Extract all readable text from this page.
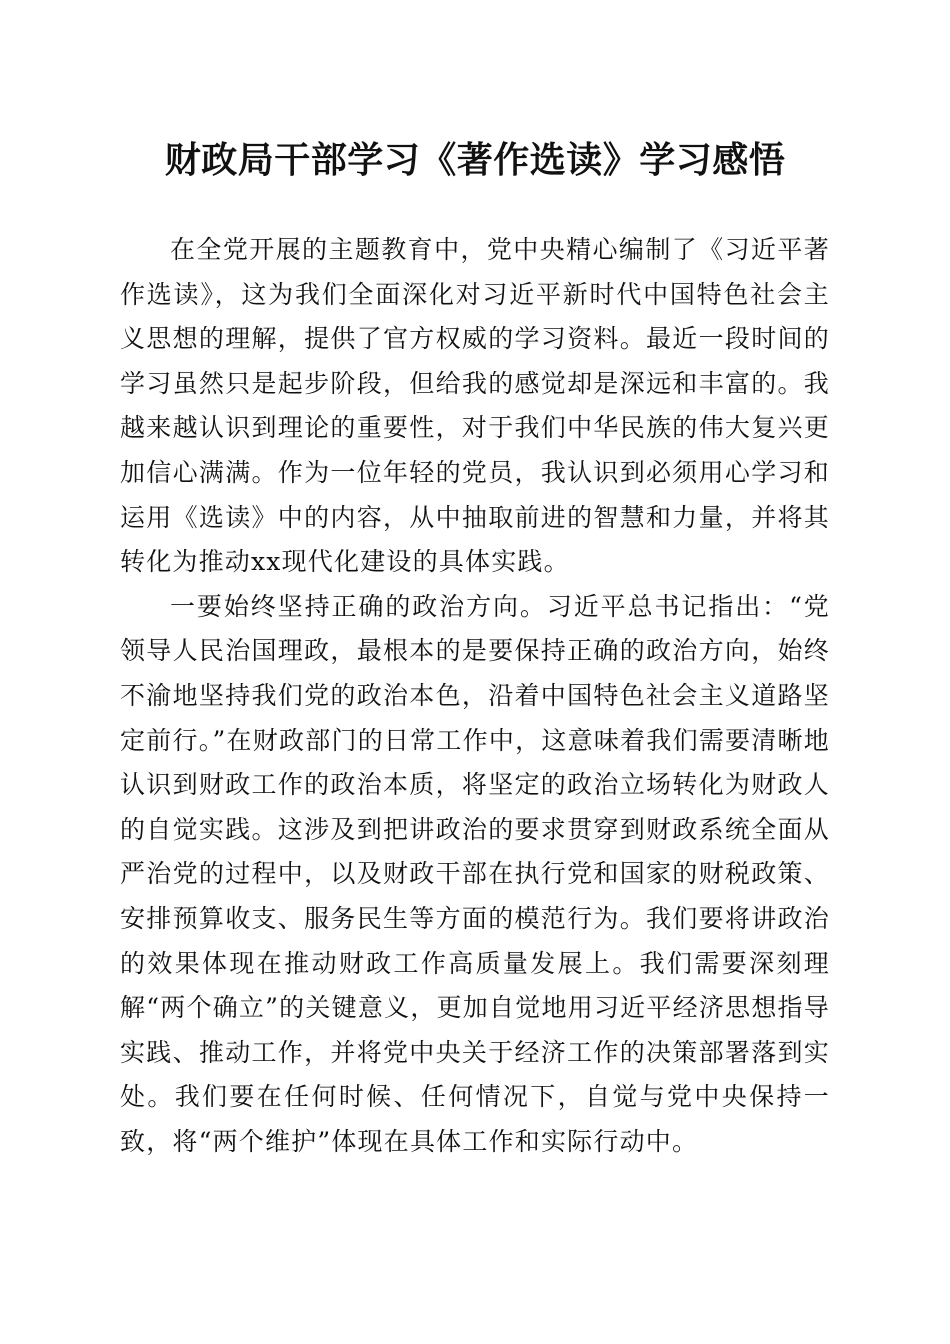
财政局干部学习《著作选读》学习感悟

在全党开展的主题教育中，党中央精心编制了《习近平著作选读》，这为我们全面深化对习近平新时代中国特色社会主义思想的理解，提供了官方权威的学习资料。最近一段时间的学习虽然只是起步阶段，但给我的感觉却是深远和丰富的。我越来越认识到理论的重要性，对于我们中华民族的伟大复兴更加信心满满。作为一位年轻的党员，我认识到必须用心学习和运用《选读》中的内容，从中抽取前进的智慧和力量，并将其转化为推动xx现代化建设的具体实践。

一要始终坚持正确的政治方向。习近平总书记指出：“党领导人民治国理政，最根本的是要保持正确的政治方向，始终不渝地坚持我们党的政治本色，沿着中国特色社会主义道路坚定前行。”在财政部门的日常工作中，这意味着我们需要清晰地认识到财政工作的政治本质，将坚定的政治立场转化为财政人的自觉实践。这涉及到把讲政治的要求贯穿到财政系统全面从严治党的过程中，以及财政干部在执行党和国家的财税政策、安排预算收支、服务民生等方面的模范行为。我们要将讲政治的效果体现在推动财政工作高质量发展上。我们需要深刻理解“两个确立”的关键意义，更加自觉地用习近平经济思想指导实践、推动工作，并将党中央关于经济工作的决策部署落到实处。我们要在任何时候、任何情况下，自觉与党中央保持一致，将“两个维护”体现在具体工作和实际行动中。
